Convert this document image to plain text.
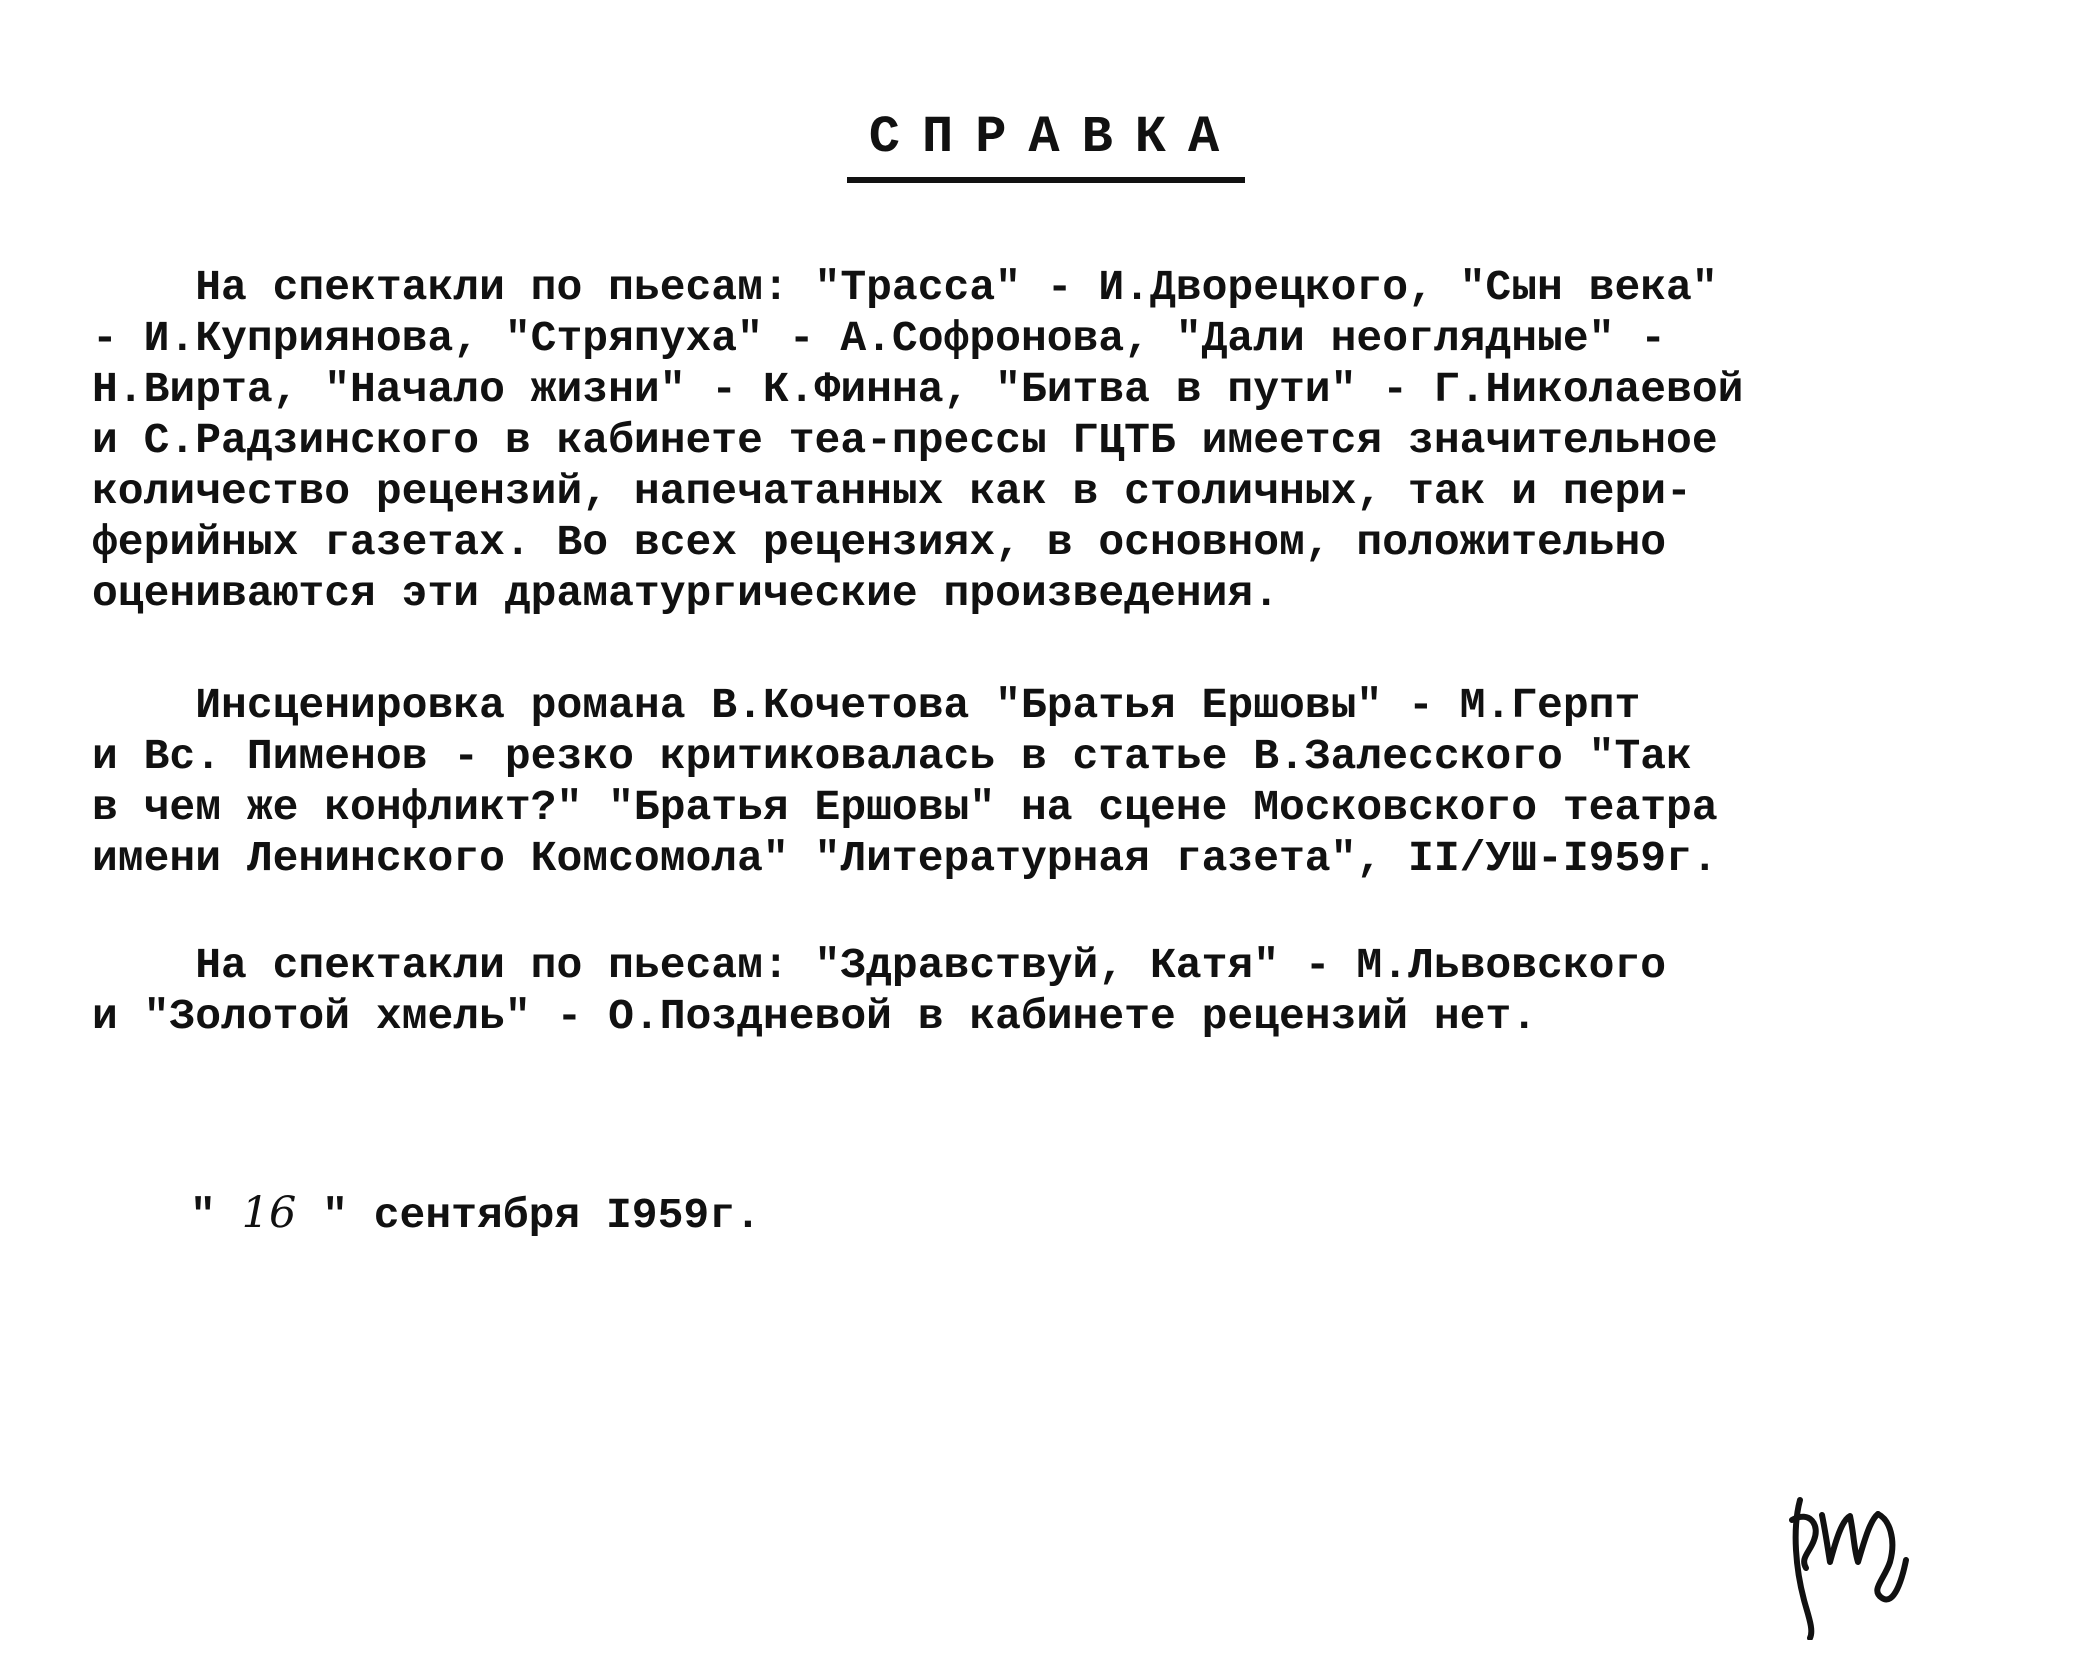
СПРАВКА
На спектакли по пьесам: "Трасса" - И.Дворецкого, "Сын века"
- И.Куприянова, "Стряпуха" - А.Софронова, "Дали неоглядные" -
Н.Вирта, "Начало жизни" - К.Финна, "Битва в пути" - Г.Николаевой
и С.Радзинского в кабинете теа-прессы ГЦТБ имеется значительное
количество рецензий, напечатанных как в столичных, так и пери-
ферийных газетах. Во всех рецензиях, в основном, положительно
оцениваются эти драматургические произведения.
Инсценировка романа В.Кочетова "Братья Ершовы" - М.Герпт
и Вс. Пименов - резко критиковалась в статье В.Залесского "Так
в чем же конфликт?" "Братья Ершовы" на сцене Московского театра
имени Ленинского Комсомола" "Литературная газета", II/УШ-I959г.
На спектакли по пьесам: "Здравствуй, Катя" - М.Львовского
и "Золотой хмель" - О.Поздневой в кабинете рецензий нет.
" 16 " сентября I959г.
